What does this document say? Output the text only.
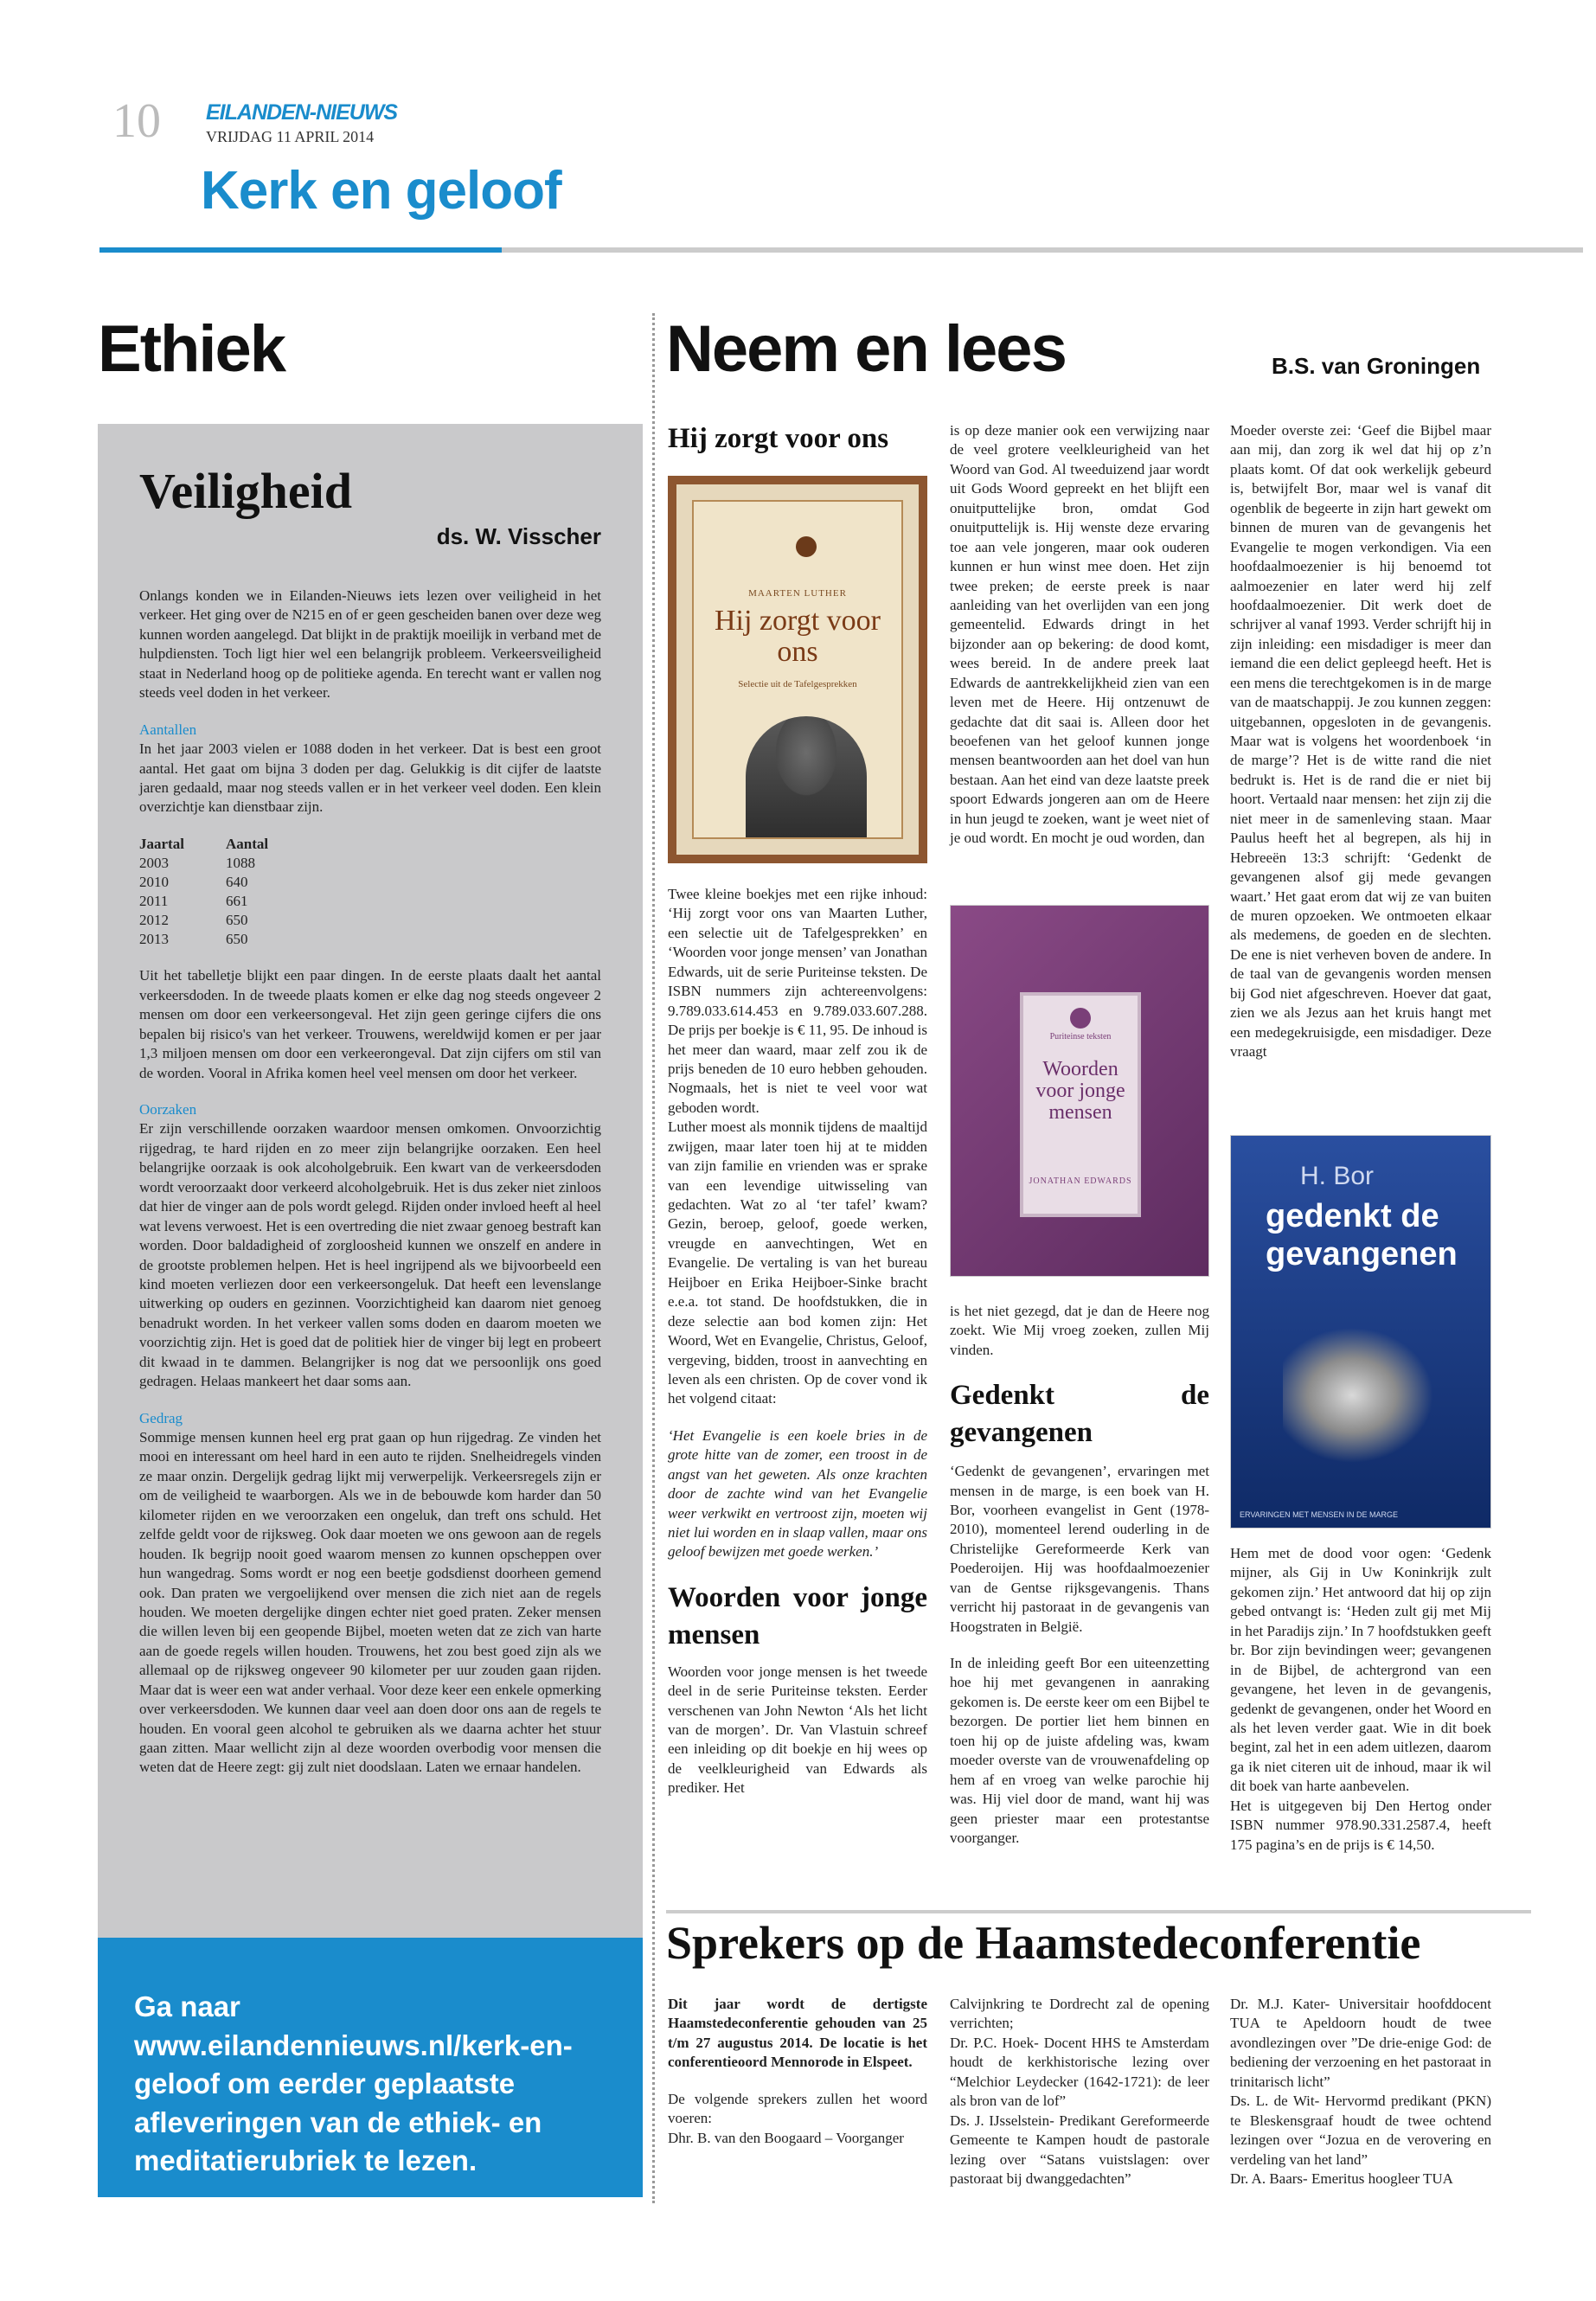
10 EILANDEN-NIEUWS
VRIJDAG 11 APRIL 2014
Kerk en geloof
Ethiek
Veiligheid
ds. W. Visscher

Onlangs konden we in Eilanden-Nieuws iets lezen over veiligheid in het verkeer. Het ging over de N215 en of er geen gescheiden banen over deze weg kunnen worden aangelegd. Dat blijkt in de praktijk moeilijk in verband met de hulpdiensten. Toch ligt hier wel een belangrijk probleem. Verkeersveiligheid staat in Nederland hoog op de politieke agenda. En terecht want er vallen nog steeds veel doden in het verkeer.

Aantallen

In het jaar 2003 vielen er 1088 doden in het verkeer. Dat is best een groot aantal. Het gaat om bijna 3 doden per dag. Gelukkig is dit cijfer de laatste jaren gedaald, maar nog steeds vallen er in het verkeer veel doden. Een klein overzichtje kan dienstbaar zijn.

Jaartal	Aantal
2003	1088
2010	640
2011	661
2012	650
2013	650

Uit het tabelletje blijkt een paar dingen. In de eerste plaats daalt het aantal verkeersdoden. In de tweede plaats komen er elke dag nog steeds ongeveer 2 mensen om door een verkeersongeval. Het zijn geen geringe cijfers die ons bepalen bij risico's van het verkeer. Trouwens, wereldwijd komen er per jaar 1,3 miljoen mensen om door een verkeerongeval. Dat zijn cijfers om stil van de worden. Vooral in Afrika komen heel veel mensen om door het verkeer.

Oorzaken

Er zijn verschillende oorzaken waardoor mensen omkomen. Onvoorzichtig rijgedrag, te hard rijden en zo meer zijn belangrijke oorzaken. Een heel belangrijke oorzaak is ook alcoholgebruik. Een kwart van de verkeersdoden wordt veroorzaakt door verkeerd alcoholgebruik. Het is dus zeker niet zinloos dat hier de vinger aan de pols wordt gelegd. Rijden onder invloed heeft al heel wat levens verwoest. Het is een overtreding die niet zwaar genoeg bestraft kan worden. Door baldadigheid of zorgloosheid kunnen we onszelf en andere in de grootste problemen helpen. Het is heel ingrijpend als we bijvoorbeeld een kind moeten verliezen door een verkeersongeluk. Dat heeft een levenslange uitwerking op ouders en gezinnen. Voorzichtigheid kan daarom niet genoeg benadrukt worden. In het verkeer vallen soms doden en daarom moeten we voorzichtig zijn. Het is goed dat de politiek hier de vinger bij legt en probeert dit kwaad in te dammen. Belangrijker is nog dat we persoonlijk ons goed gedragen. Helaas mankeert het daar soms aan.

Gedrag

Sommige mensen kunnen heel erg prat gaan op hun rijgedrag. Ze vinden het mooi en interessant om heel hard in een auto te rijden. Snelheidregels vinden ze maar onzin. Dergelijk gedrag lijkt mij verwerpelijk. Verkeersregels zijn er om de veiligheid te waarborgen. Als we in de bebouwde kom harder dan 50 kilometer rijden en we veroorzaken een ongeluk, dan treft ons schuld. Het zelfde geldt voor de rijksweg. Ook daar moeten we ons gewoon aan de regels houden. Ik begrijp nooit goed waarom mensen zo kunnen opscheppen over hun wangedrag. Soms wordt er nog een beetje godsdienst doorheen gemend ook. Dan praten we vergoelijkend over mensen die zich niet aan de regels houden. We moeten dergelijke dingen echter niet goed praten. Zeker mensen die willen leven bij een geopende Bijbel, moeten weten dat ze zich van harte aan de goede regels willen houden. Trouwens, het zou best goed zijn als we allemaal op de rijksweg ongeveer 90 kilometer per uur zouden gaan rijden. Maar dat is weer een wat ander verhaal. Voor deze keer een enkele opmerking over verkeersdoden. We kunnen daar veel aan doen door ons aan de regels te houden. En vooral geen alcohol te gebruiken als we daarna achter het stuur gaan zitten. Maar wellicht zijn al deze woorden overbodig voor mensen die weten dat de Heere zegt: gij zult niet doodslaan. Laten we ernaar handelen.

Ga naar www.eilandennieuws.nl/kerk-en-geloof om eerder geplaatste afleveringen van de ethiek- en meditatierubriek te lezen.
Neem en lees	B.S. van Groningen
Hij zorgt voor ons
MAARTEN LUTHER
Hij zorgt voor ons
Selectie uit de Tafelgesprekken

Twee kleine boekjes met een rijke inhoud: ‘Hij zorgt voor ons van Maarten Luther, een selectie uit de Tafelgesprekken’ en ‘Woorden voor jonge mensen’ van Jonathan Edwards, uit de serie Puriteinse teksten. De ISBN nummers zijn achtereenvolgens: 9.789.033.614.453 en 9.789.033.607.288. De prijs per boekje is € 11, 95. De inhoud is het meer dan waard, maar zelf zou ik de prijs beneden de 10 euro hebben gehouden. Nogmaals, het is niet te veel voor wat geboden wordt.

Luther moest als monnik tijdens de maaltijd zwijgen, maar later toen hij at te midden van zijn familie en vrienden was er sprake van een levendige uitwisseling van gedachten. Wat zo al ‘ter tafel’ kwam? Gezin, beroep, geloof, goede werken, vreugde en aanvechtingen, Wet en Evangelie. De vertaling is van het bureau Heijboer en Erika Heijboer-Sinke bracht e.e.a. tot stand. De hoofdstukken, die in deze selectie aan bod komen zijn: Het Woord, Wet en Evangelie, Christus, Geloof, vergeving, bidden, troost in aanvechting en leven als een christen. Op de cover vond ik het volgend citaat:

‘Het Evangelie is een koele bries in de grote hitte van de zomer, een troost in de angst van het geweten. Als onze krachten door de zachte wind van het Evangelie weer verkwikt en vertroost zijn, moeten wij niet lui worden en in slaap vallen, maar ons geloof bewijzen met goede werken.’

Woorden voor jonge mensen

Woorden voor jonge mensen is het tweede deel in de serie Puriteinse teksten. Eerder verschenen van John Newton ‘Als het licht van de morgen’. Dr. Van Vlastuin schreef een inleiding op dit boekje en hij wees op de veelkleurigheid van Edwards als prediker. Het

is op deze manier ook een verwijzing naar de veel grotere veelkleurigheid van het Woord van God. Al tweeduizend jaar wordt uit Gods Woord gepreekt en het blijft een onuitputtelijke bron, omdat God onuitputtelijk is. Hij wenste deze ervaring toe aan vele jongeren, maar ook ouderen kunnen er hun winst mee doen. Het zijn twee preken; de eerste preek is naar aanleiding van het overlijden van een jong gemeentelid. Edwards dringt in het bijzonder aan op bekering: de dood komt, wees bereid. In de andere preek laat Edwards de aantrekkelijkheid zien van een leven met de Heere. Hij ontzenuwt de gedachte dat dit saai is. Alleen door het beoefenen van het geloof kunnen jonge mensen beantwoorden aan het doel van hun bestaan. Aan het eind van deze laatste preek spoort Edwards jongeren aan om de Heere in hun jeugd te zoeken, want je weet niet of je oud wordt. En mocht je oud worden, dan

Puriteinse teksten
Woorden voor jonge mensen
JONATHAN EDWARDS

is het niet gezegd, dat je dan de Heere nog zoekt. Wie Mij vroeg zoeken, zullen Mij vinden.

Gedenkt de gevangenen

‘Gedenkt de gevangenen’, ervaringen met mensen in de marge, is een boek van H. Bor, voorheen evangelist in Gent (1978-2010), momenteel lerend ouderling in de Christelijke Gereformeerde Kerk van Poederoijen. Hij was hoofdaalmoezenier van de Gentse rijksgevangenis. Thans verricht hij pastoraat in de gevangenis van Hoogstraten in België.

In de inleiding geeft Bor een uiteenzetting hoe hij met gevangenen in aanraking gekomen is. De eerste keer om een Bijbel te bezorgen. De portier liet hem binnen en toen hij op de juiste afdeling was, kwam moeder overste van de vrouwenafdeling op hem af en vroeg van welke parochie hij was. Hij viel door de mand, want hij was geen priester maar een protestantse voorganger.

Moeder overste zei: ‘Geef die Bijbel maar aan mij, dan zorg ik wel dat hij op z’n plaats komt. Of dat ook werkelijk gebeurd is, betwijfelt Bor, maar wel is vanaf dit ogenblik de begeerte in zijn hart gewekt om binnen de muren van de gevangenis het Evangelie te mogen verkondigen. Via een hoofdaalmoezenier is hij benoemd tot aalmoezenier en later werd hij zelf hoofdaalmoezenier. Dit werk doet de schrijver al vanaf 1993. Verder schrijft hij in zijn inleiding: een misdadiger is meer dan iemand die een delict gepleegd heeft. Het is een mens die terechtgekomen is in de marge van de maatschappij. Je zou kunnen zeggen: uitgebannen, opgesloten in de gevangenis. Maar wat is volgens het woordenboek ‘in de marge’? Het is de witte rand die niet bedrukt is. Het is de rand die er niet bij hoort. Vertaald naar mensen: het zijn zij die niet meer in de samenleving staan. Maar Paulus heeft het al begrepen, als hij in Hebreeën 13:3 schrijft: ‘Gedenkt de gevangenen alsof gij mede gevangen waart.’ Het gaat erom dat wij ze van buiten de muren opzoeken. We ontmoeten elkaar als medemens, de goeden en de slechten. De ene is niet verheven boven de andere. In de taal van de gevangenis worden mensen bij God niet afgeschreven. Hoever dat gaat, zien we als Jezus aan het kruis hangt met een medegekruisigde, een misdadiger. Deze vraagt

H. Bor
gedenkt de
gevangenen
ERVARINGEN MET MENSEN IN DE MARGE

Hem met de dood voor ogen: ‘Gedenk mijner, als Gij in Uw Koninkrijk zult gekomen zijn.’ Het antwoord dat hij op zijn gebed ontvangt is: ‘Heden zult gij met Mij in het Paradijs zijn.’ In 7 hoofdstukken geeft br. Bor zijn bevindingen weer; gevangenen in de Bijbel, de achtergrond van een gevangene, het leven in de gevangenis, gedenkt de gevangenen, onder het Woord en als het leven verder gaat. Wie in dit boek begint, zal het in een adem uitlezen, daarom ga ik niet citeren uit de inhoud, maar ik wil dit boek van harte aanbevelen.

Het is uitgegeven bij Den Hertog onder ISBN nummer 978.90.331.2587.4, heeft 175 pagina’s en de prijs is € 14,50.

Sprekers op de Haamstedeconferentie

Dit jaar wordt de dertigste Haamstedeconferentie gehouden van 25 t/m 27 augustus 2014. De locatie is het conferentieoord Mennorode in Elspeet.

De volgende sprekers zullen het woord voeren:
Dhr. B. van den Boogaard – Voorganger
Calvijnkring te Dordrecht zal de opening verrichten;
Dr. P.C. Hoek- Docent HHS te Amsterdam houdt de kerkhistorische lezing over “Melchior Leydecker (1642-1721): de leer als bron van de lof”
Ds. J. IJsselstein- Predikant Gereformeerde Gemeente te Kampen houdt de pastorale lezing over “Satans vuistslagen: over pastoraat bij dwanggedachten”
Dr. M.J. Kater- Universitair hoofddocent TUA te Apeldoorn houdt de twee avondlezingen over ”De drie-enige God: de bediening der verzoening en het pastoraat in trinitarisch licht”
Ds. L. de Wit- Hervormd predikant (PKN) te Bleskensgraaf houdt de twee ochtend lezingen over “Jozua en de verovering en verdeling van het land”
Dr. A. Baars- Emeritus hoogleer TUA
